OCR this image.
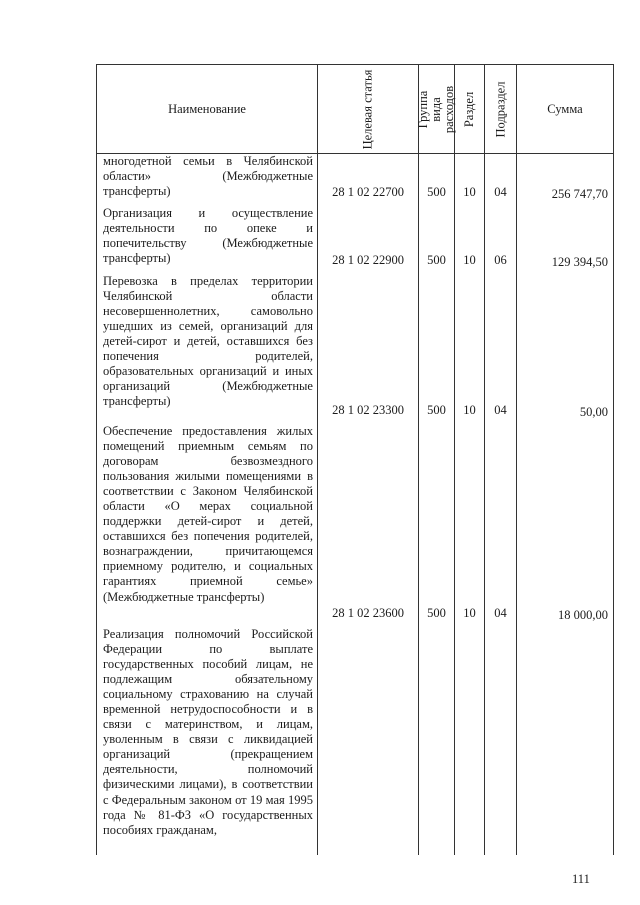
Наименование	Целевая статья	Группа вида расходов	Раздел	Подраздел	Сумма

многодетной семьи в Челябинской области» (Межбюджетные трансферты)	28 1 02 22700	500	10	04	256 747,70

Организация и осуществление деятельности по опеке и попечительству (Межбюджетные трансферты)	28 1 02 22900	500	10	06	129 394,50

Перевозка в пределах территории Челябинской области несовершеннолетних, самовольно ушедших из семей, организаций для детей-сирот и детей, оставшихся без попечения родителей, образовательных организаций и иных организаций (Межбюджетные трансферты)	28 1 02 23300	500	10	04	50,00

Обеспечение предоставления жилых помещений приемным семьям по договорам безвозмездного пользования жилыми помещениями в соответствии с Законом Челябинской области «О мерах социальной поддержки детей-сирот и детей, оставшихся без попечения родителей, вознаграждении, причитающемся приемному родителю, и социальных гарантиях приемной семье» (Межбюджетные трансферты)	28 1 02 23600	500	10	04	18 000,00

Реализация полномочий Российской Федерации по выплате государственных пособий лицам, не подлежащим обязательному социальному страхованию на случай временной нетрудоспособности и в связи с материнством, и лицам, уволенным в связи с ликвидацией организаций (прекращением деятельности, полномочий физическими лицами), в соответствии с Федеральным законом от 19 мая 1995 года № 81-ФЗ «О государственных пособиях гражданам,					

111
